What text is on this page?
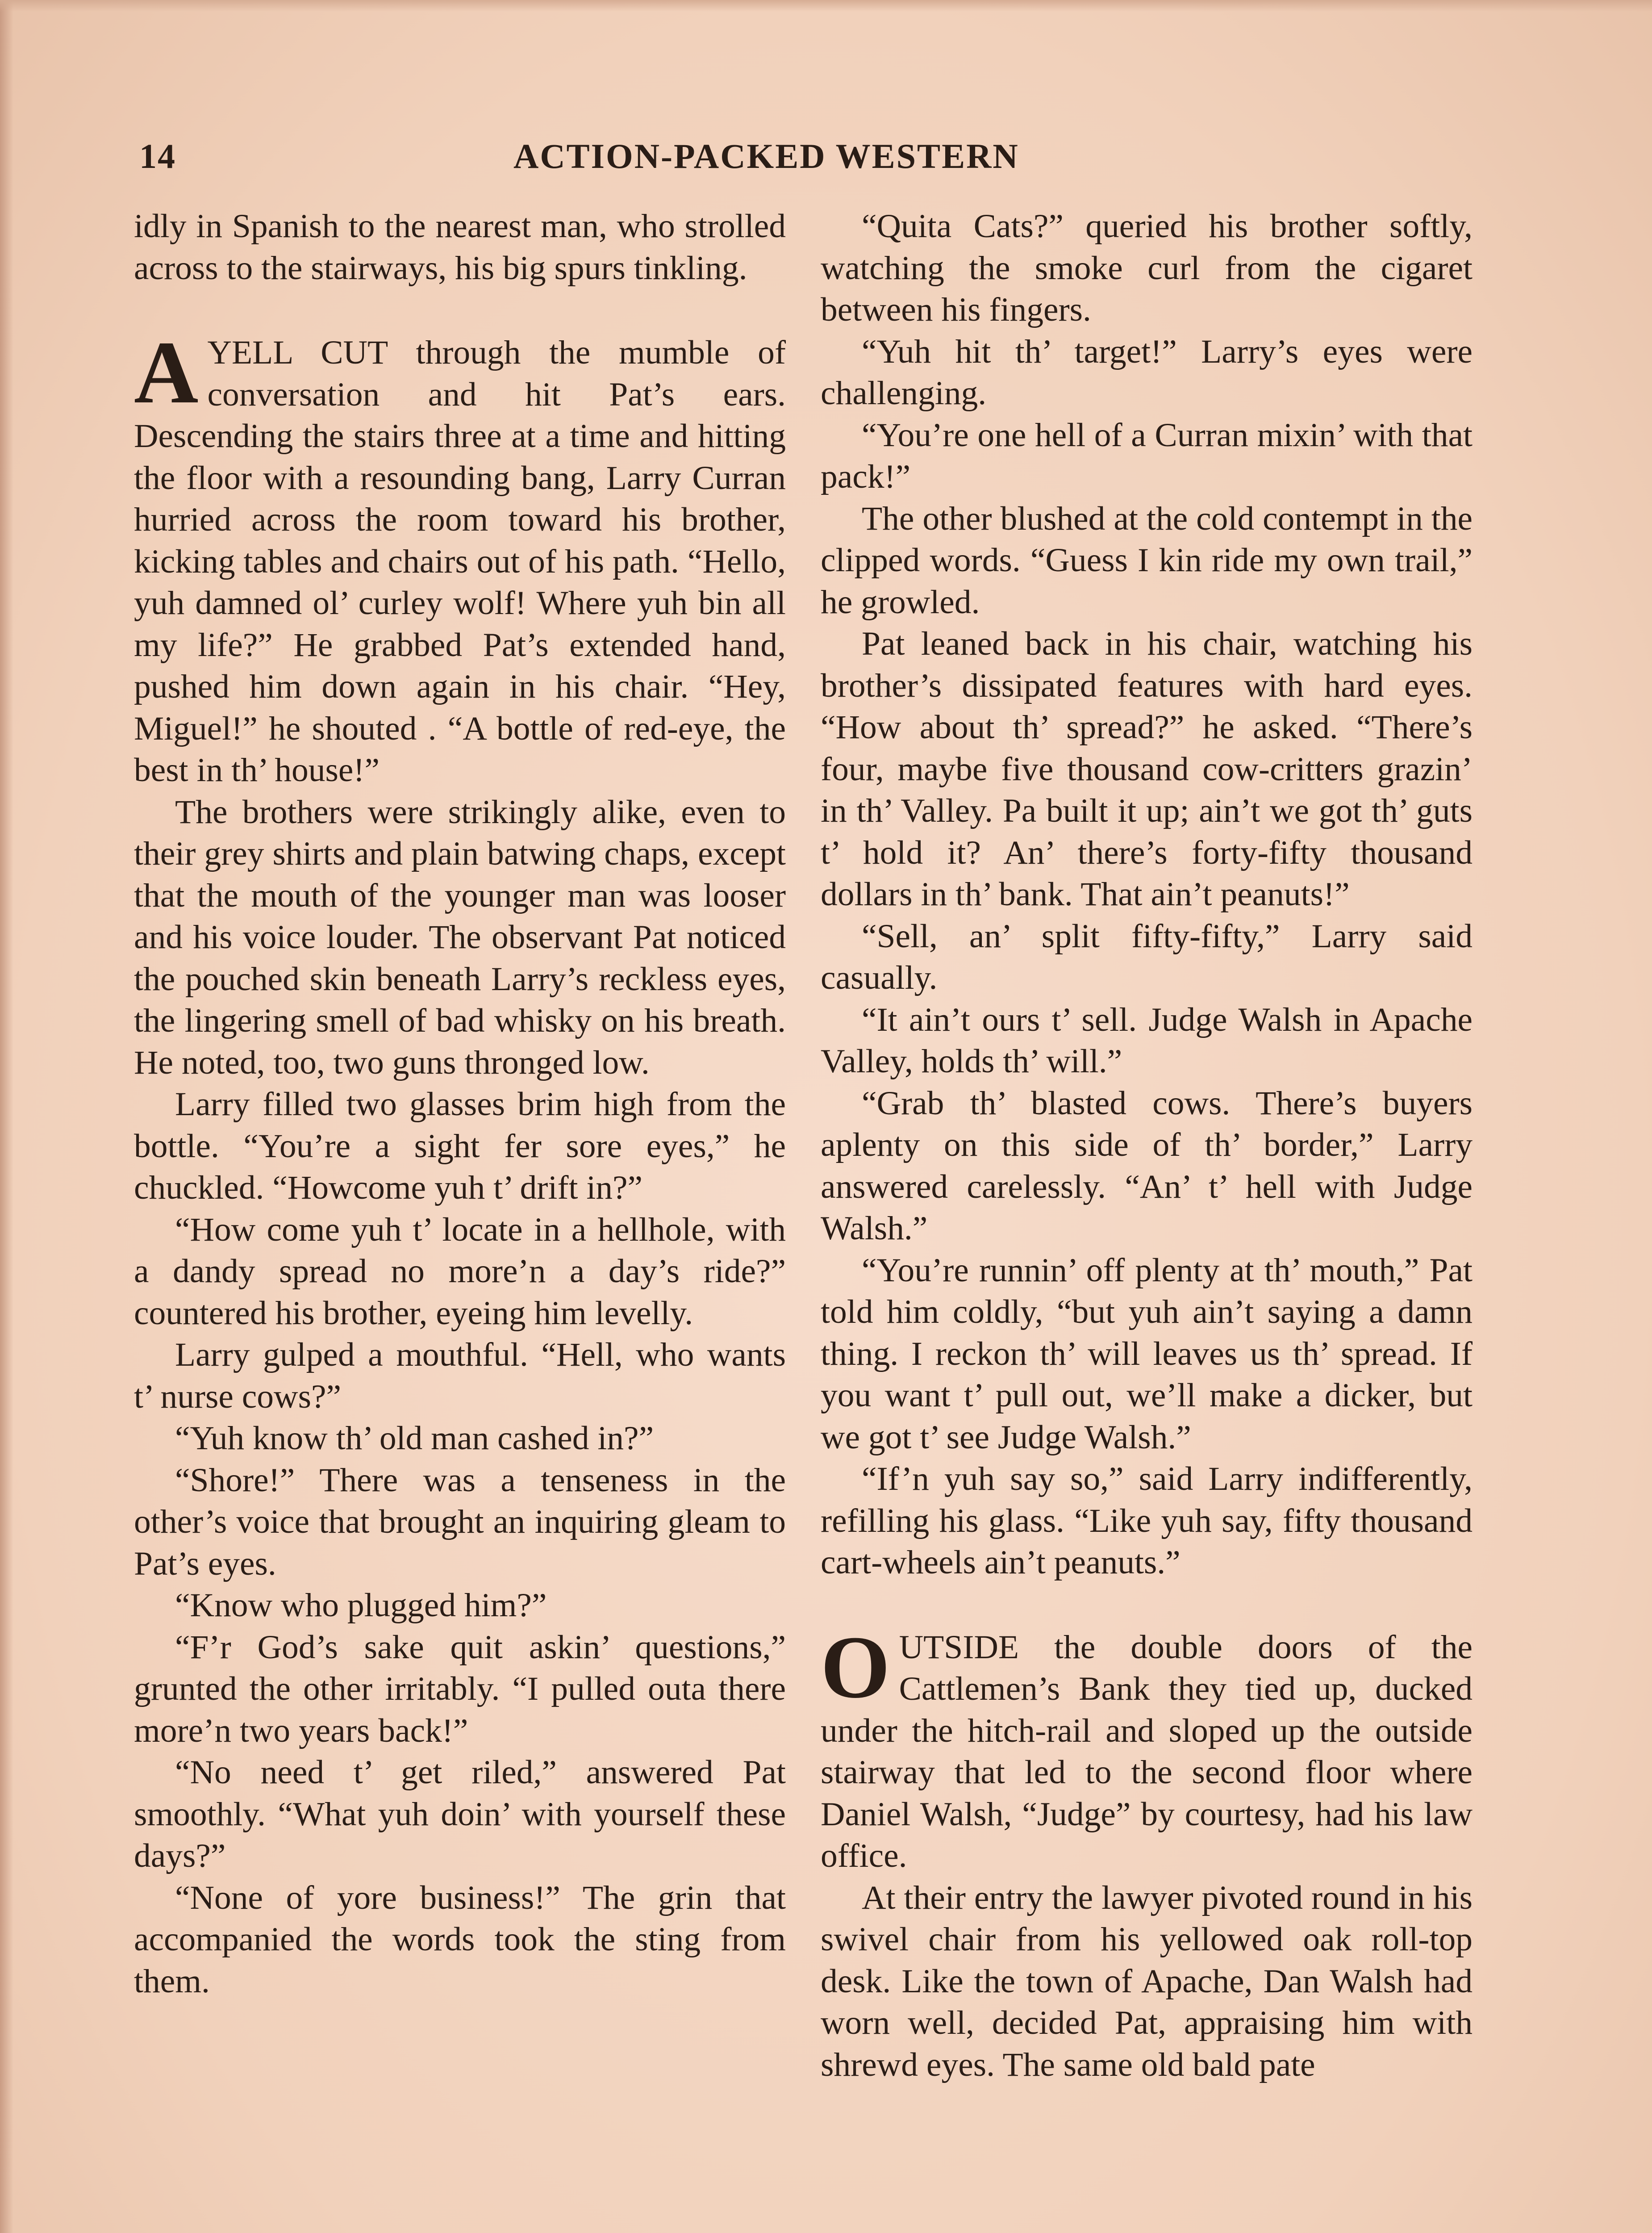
14	ACTION-PACKED WESTERN

idly in Spanish to the nearest man, who strolled across to the stairways, his big spurs tinkling.

AYELL CUT through the mumble of conversation and hit Pat’s ears. Descending the stairs three at a time and hitting the floor with a resounding bang, Larry Curran hurried across the room toward his brother, kicking tables and chairs out of his path. “Hello, yuh damned ol’ curley wolf! Where yuh bin all my life?” He grabbed Pat’s extended hand, pushed him down again in his chair. “Hey, Miguel!” he shouted . “A bottle of red-eye, the best in th’ house!”

The brothers were strikingly alike, even to their grey shirts and plain batwing chaps, except that the mouth of the younger man was looser and his voice louder. The observant Pat noticed the pouched skin beneath Larry’s reckless eyes, the lingering smell of bad whisky on his breath. He noted, too, two guns thronged low.

Larry filled two glasses brim high from the bottle. “You’re a sight fer sore eyes,” he chuckled. “Howcome yuh t’ drift in?”

“How come yuh t’ locate in a hellhole, with a dandy spread no more’n a day’s ride?” countered his brother, eyeing him levelly.

Larry gulped a mouthful. “Hell, who wants t’ nurse cows?”

“Yuh know th’ old man cashed in?”

“Shore!” There was a tenseness in the other’s voice that brought an inquiring gleam to Pat’s eyes.

“Know who plugged him?”

“F’r God’s sake quit askin’ questions,” grunted the other irritably. “I pulled outa there more’n two years back!”

“No need t’ get riled,” answered Pat smoothly. “What yuh doin’ with yourself these days?”

“None of yore business!” The grin that accompanied the words took the sting from them.

“Quita Cats?” queried his brother softly, watching the smoke curl from the cigaret between his fingers.

“Yuh hit th’ target!” Larry’s eyes were challenging.

“You’re one hell of a Curran mixin’ with that pack!”

The other blushed at the cold contempt in the clipped words. “Guess I kin ride my own trail,” he growled.

Pat leaned back in his chair, watching his brother’s dissipated features with hard eyes. “How about th’ spread?” he asked. “There’s four, maybe five thousand cow-critters grazin’ in th’ Valley. Pa built it up; ain’t we got th’ guts t’ hold it? An’ there’s forty-fifty thousand dollars in th’ bank. That ain’t peanuts!”

“Sell, an’ split fifty-fifty,” Larry said casually.

“It ain’t ours t’ sell. Judge Walsh in Apache Valley, holds th’ will.”

“Grab th’ blasted cows. There’s buyers aplenty on this side of th’ border,” Larry answered carelessly. “An’ t’ hell with Judge Walsh.”

“You’re runnin’ off plenty at th’ mouth,” Pat told him coldly, “but yuh ain’t saying a damn thing. I reckon th’ will leaves us th’ spread. If you want t’ pull out, we’ll make a dicker, but we got t’ see Judge Walsh.”

“If’n yuh say so,” said Larry indifferently, refilling his glass. “Like yuh say, fifty thousand cart-wheels ain’t peanuts.”

OUTSIDE the double doors of the Cattlemen’s Bank they tied up, ducked under the hitch-rail and sloped up the outside stairway that led to the second floor where Daniel Walsh, “Judge” by courtesy, had his law office.

At their entry the lawyer pivoted round in his swivel chair from his yellowed oak roll-top desk. Like the town of Apache, Dan Walsh had worn well, decided Pat, appraising him with shrewd eyes. The same old bald pate
